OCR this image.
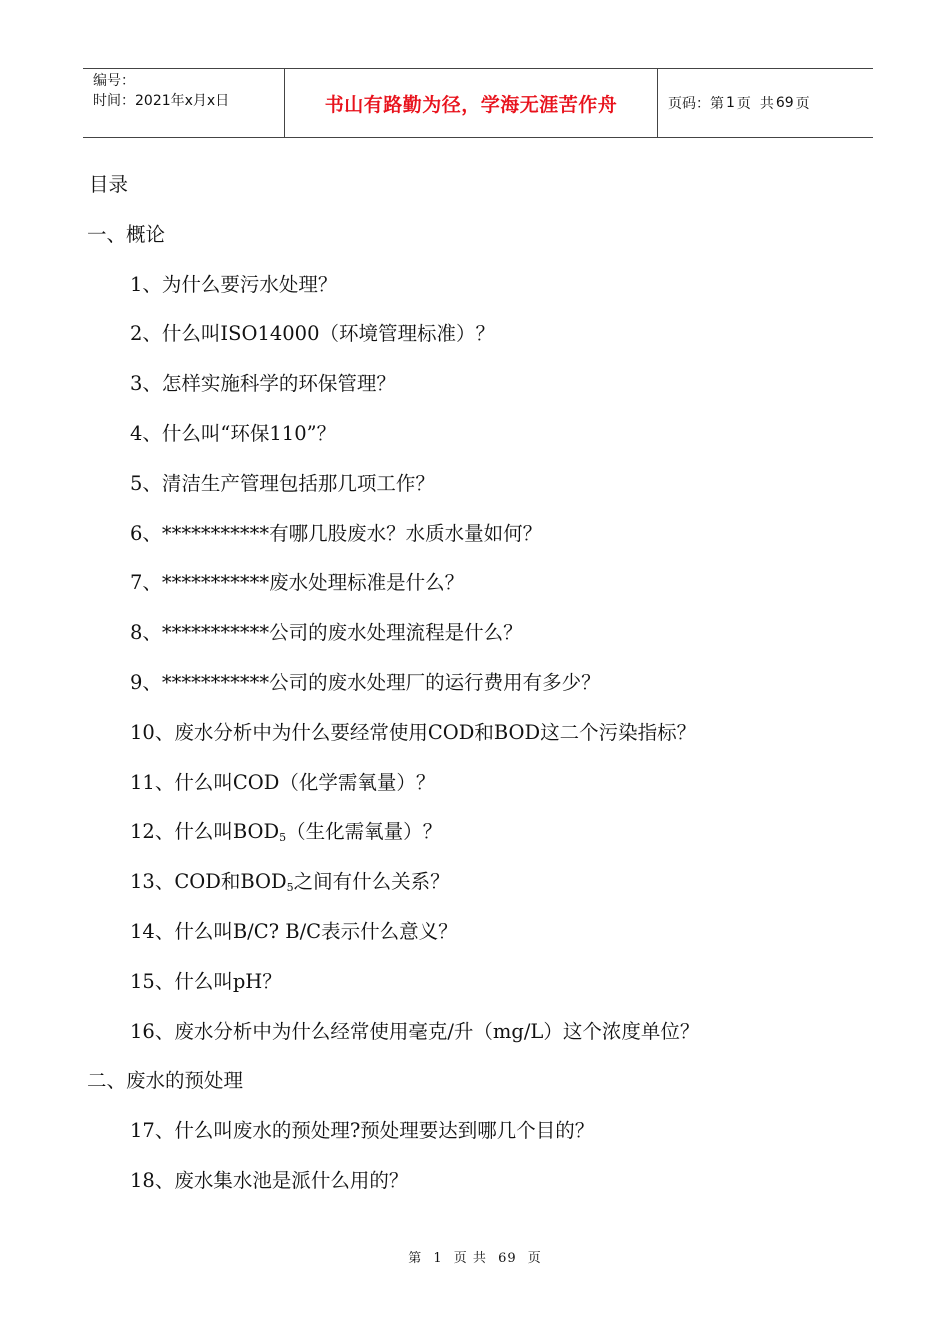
编号：
时间：2021年x月x日	书山有路勤为径，学海无涯苦作舟	页码：第 1 页  共 69 页
目录
一、概论
1、为什么要污水处理？
2、什么叫ISO14000（环境管理标准）？
3、怎样实施科学的环保管理？
4、什么叫“环保110”？
5、清洁生产管理包括那几项工作？
6、***********有哪几股废水？水质水量如何？
7、***********废水处理标准是什么？
8、***********公司的废水处理流程是什么？
9、***********公司的废水处理厂的运行费用有多少？
10、废水分析中为什么要经常使用COD和BOD这二个污染指标？
11、什么叫COD（化学需氧量）？
12、什么叫$BOD_5$（生化需氧量）？
13、COD和$BOD_5$之间有什么关系？
14、什么叫B/C? B/C表示什么意义？
15、什么叫pH？
16、废水分析中为什么经常使用毫克/升（mg/L）这个浓度单位？
二、废水的预处理
17、什么叫废水的预处理?预处理要达到哪几个目的？
18、废水集水池是派什么用的？
第 1 页 共 69 页
